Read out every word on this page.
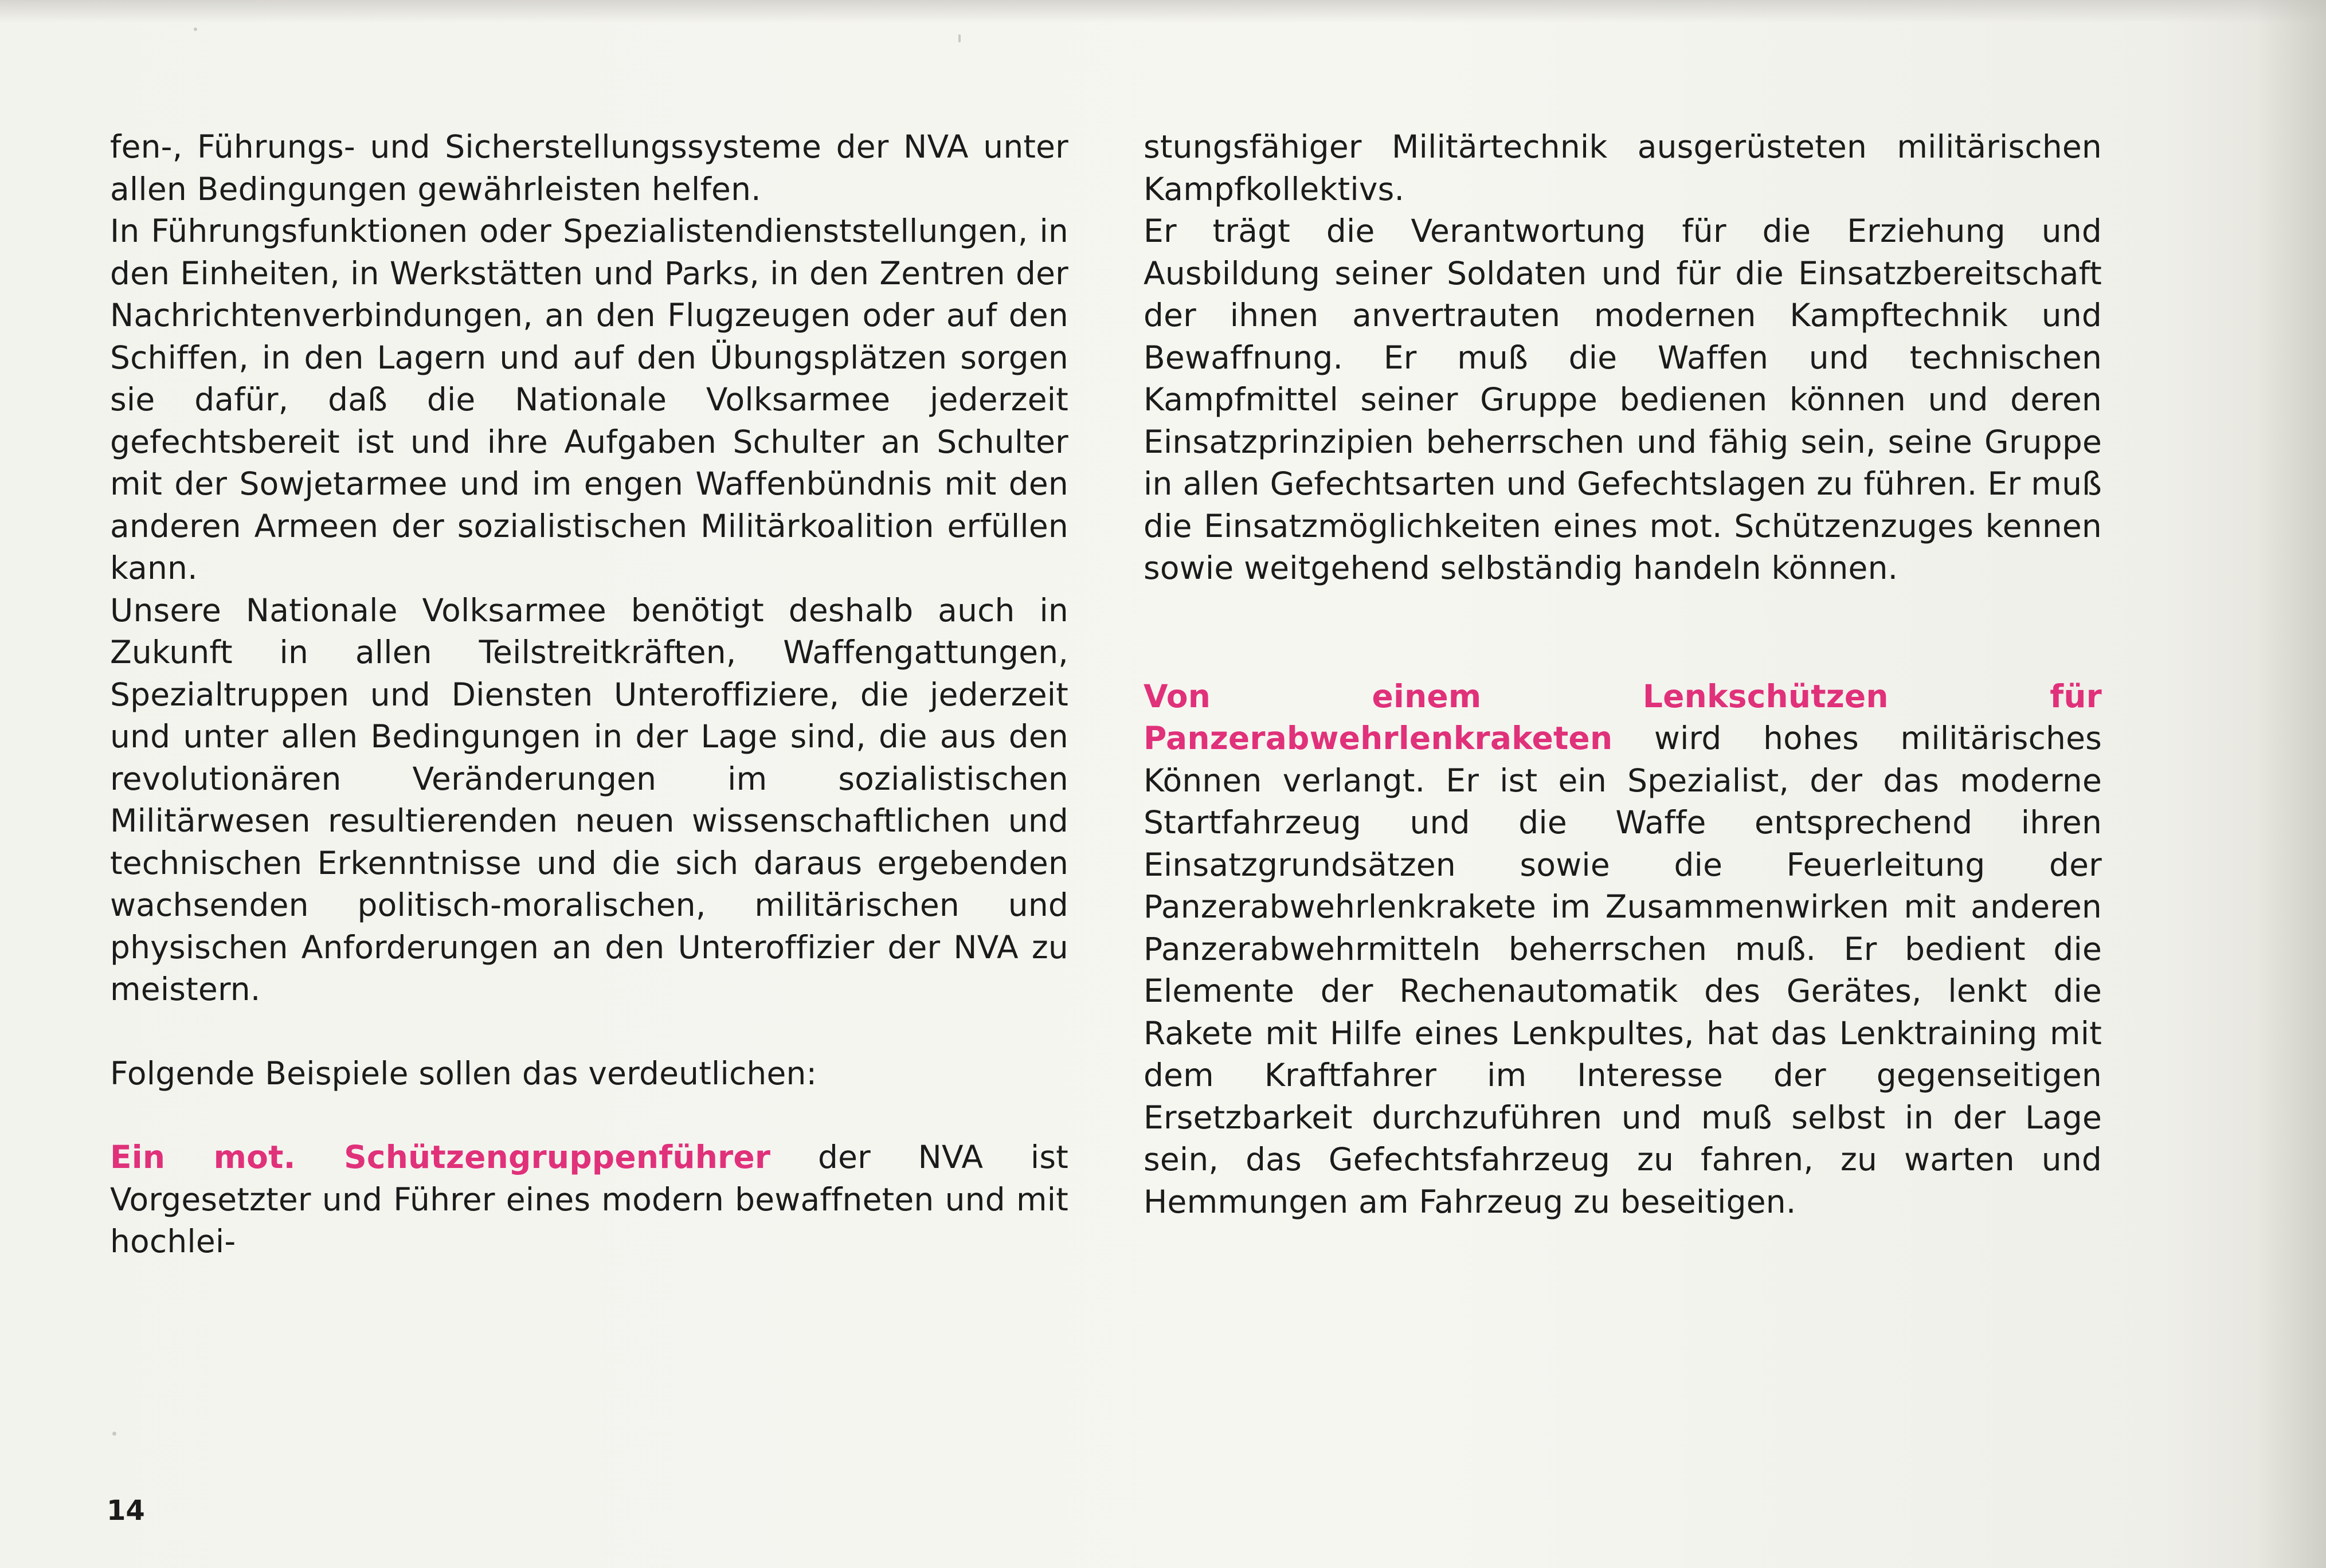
fen-, Führungs- und Sicherstellungssysteme der NVA unter allen Bedingungen gewährleisten helfen.

In Führungsfunktionen oder Spezialistendienststellungen, in den Einheiten, in Werkstätten und Parks, in den Zentren der Nachrichtenverbindungen, an den Flugzeugen oder auf den Schiffen, in den Lagern und auf den Übungsplätzen sorgen sie dafür, daß die Nationale Volksarmee jederzeit gefechtsbereit ist und ihre Aufgaben Schulter an Schulter mit der Sowjetarmee und im engen Waffenbündnis mit den anderen Armeen der sozialistischen Militärkoalition erfüllen kann.

Unsere Nationale Volksarmee benötigt deshalb auch in Zukunft in allen Teilstreitkräften, Waffengattungen, Spezialtruppen und Diensten Unteroffiziere, die jederzeit und unter allen Bedingungen in der Lage sind, die aus den revolutionären Veränderungen im sozialistischen Militärwesen resultierenden neuen wissenschaftlichen und technischen Erkenntnisse und die sich daraus ergebenden wachsenden politisch-moralischen, militärischen und physischen Anforderungen an den Unteroffizier der NVA zu meistern.

Folgende Beispiele sollen das verdeutlichen:

Ein mot. Schützengruppenführer der NVA ist Vorgesetzter und Führer eines modern bewaffneten und mit hochlei-

stungsfähiger Militärtechnik ausgerüsteten militärischen Kampfkollektivs.

Er trägt die Verantwortung für die Erziehung und Ausbildung seiner Soldaten und für die Einsatzbereitschaft der ihnen anvertrauten modernen Kampftechnik und Bewaffnung. Er muß die Waffen und technischen Kampfmittel seiner Gruppe bedienen können und deren Einsatzprinzipien beherrschen und fähig sein, seine Gruppe in allen Gefechtsarten und Gefechtslagen zu führen. Er muß die Einsatzmöglichkeiten eines mot. Schützenzuges kennen sowie weitgehend selbständig handeln können.

Von einem Lenkschützen für Panzerabwehrlenkraketen wird hohes militärisches Können verlangt. Er ist ein Spezialist, der das moderne Startfahrzeug und die Waffe entsprechend ihren Einsatzgrundsätzen sowie die Feuerleitung der Panzerabwehrlenkrakete im Zusammenwirken mit anderen Panzerabwehrmitteln beherrschen muß. Er bedient die Elemente der Rechenautomatik des Gerätes, lenkt die Rakete mit Hilfe eines Lenkpultes, hat das Lenktraining mit dem Kraftfahrer im Interesse der gegenseitigen Ersetzbarkeit durchzuführen und muß selbst in der Lage sein, das Gefechtsfahrzeug zu fahren, zu warten und Hemmungen am Fahrzeug zu beseitigen.

14
